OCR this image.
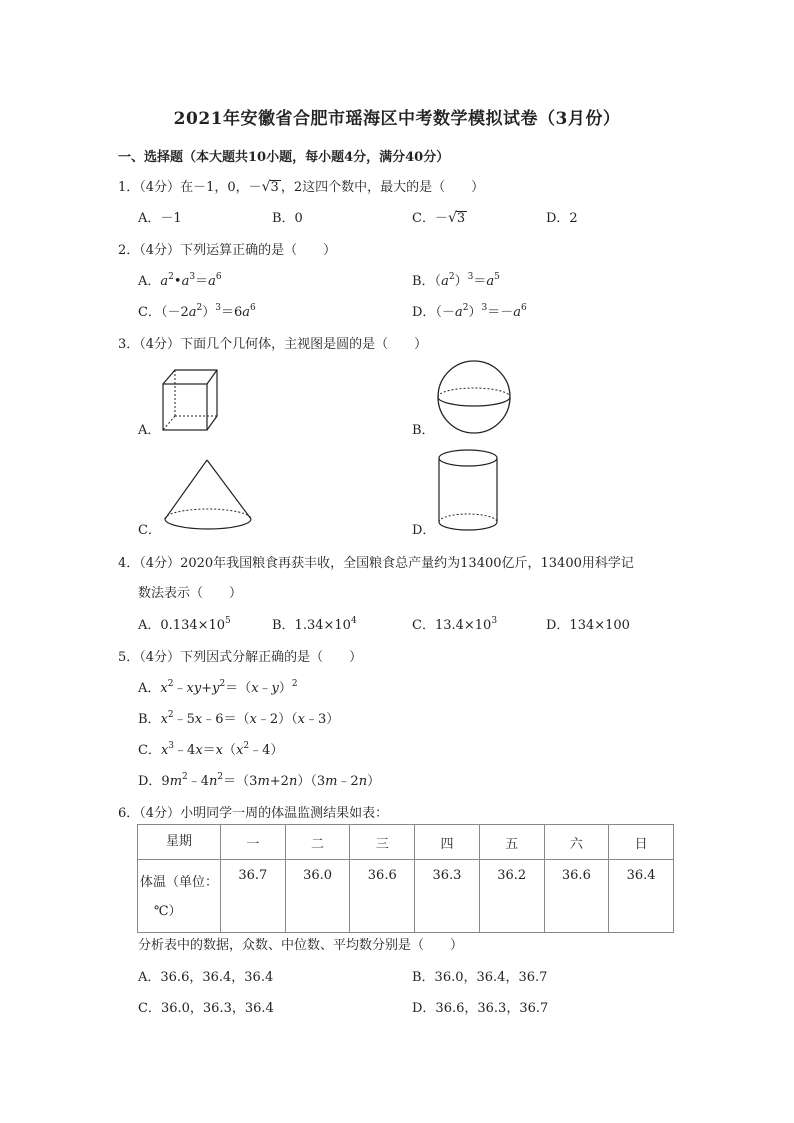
2021年安徽省合肥市瑶海区中考数学模拟试卷（3月份）
一、选择题（本大题共10小题，每小题4分，满分40分）
1．（4分）在－1，0，－√3 ，2这四个数中，最大的是（　　）
A．－1	B．0	C．－√3	D．2
2．（4分）下列运算正确的是（　　）
A．$a^2•a^3=a^6$	B．$(a^2)^3=a^5$
C．$(-2a^2)^3=6a^6$	D．$(-a^2)^3=-a^6$
3．（4分）下面几个几何体，主视图是圆的是（　　）
A．	B．
C．	D．
4．（4分）2020年我国粮食再获丰收，全国粮食总产量约为13400亿斤，13400用科学记
数法表示（　　）
A．$0.134\times 10^5$	B．$1.34\times 10^4$	C．$13.4\times 10^3$	D．134×100
5．（4分）下列因式分解正确的是（　　）
A．$x^2﹣xy+y^2=(x﹣y)^2$
B．$x^2﹣5x﹣6=(x﹣2)(x﹣3)$
C．$x^3﹣4x=x(x^2﹣4)$
D．$9m^2﹣4n^2=(3m+2n)(3m﹣2n)$
6．（4分）小明同学一周的体温监测结果如表：
星期	一	二	三	四	五	六	日
体温（单位：
℃）	36.7	36.0	36.6	36.3	36.2	36.6	36.4
分析表中的数据，众数、中位数、平均数分别是（　　）
A．36.6，36.4，36.4	B．36.0，36.4，36.7
C．36.0，36.3，36.4	D．36.6，36.3，36.7
